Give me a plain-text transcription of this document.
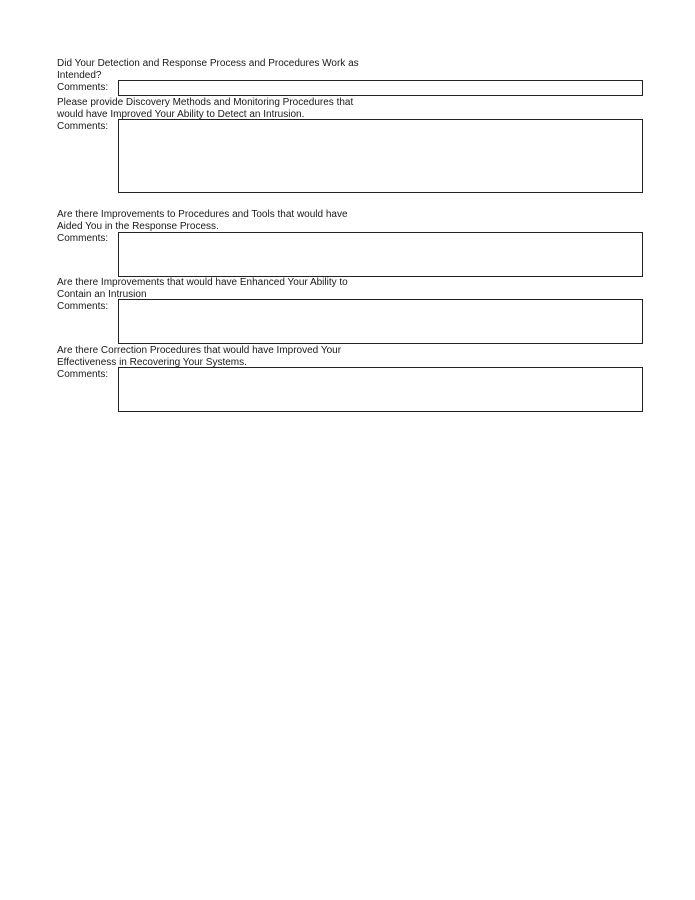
Did Your Detection and Response Process and Procedures Work as
Intended?
Comments:
Please provide Discovery Methods and Monitoring Procedures that
would have Improved Your Ability to Detect an Intrusion.
Comments:
Are there Improvements to Procedures and Tools that would have
Aided You in the Response Process.
Comments:
Are there Improvements that would have Enhanced Your Ability to
Contain an Intrusion
Comments:
Are there Correction Procedures that would have Improved Your
Effectiveness in Recovering Your Systems.
Comments:
